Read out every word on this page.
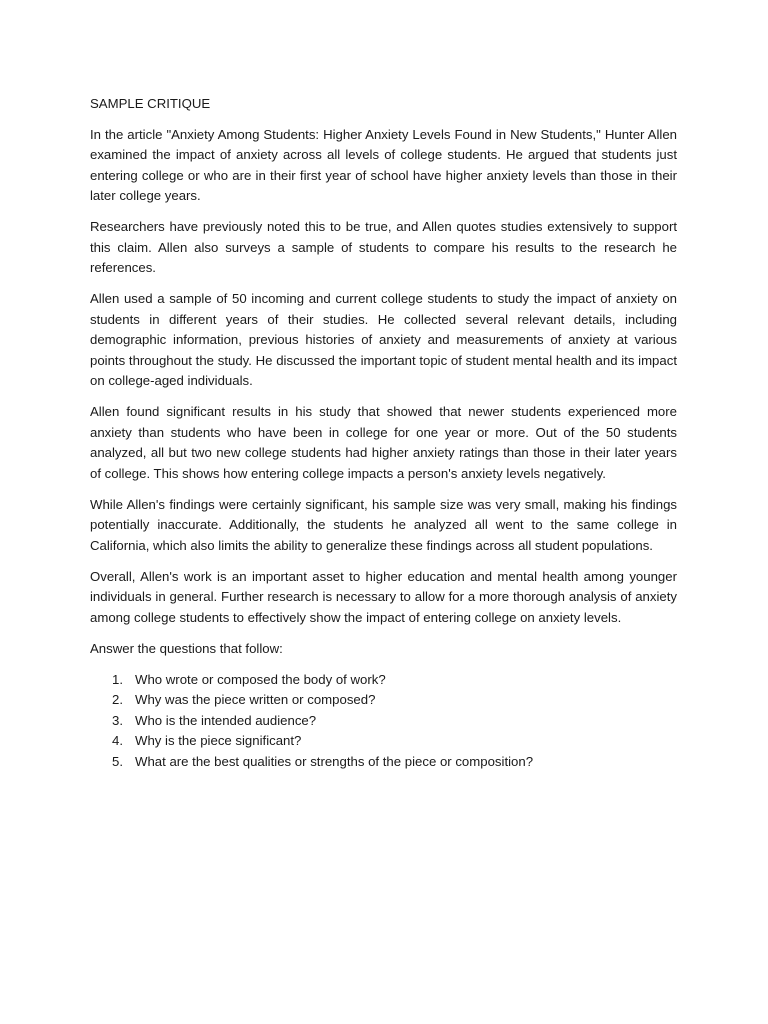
SAMPLE CRITIQUE

In the article "Anxiety Among Students: Higher Anxiety Levels Found in New Students," Hunter Allen examined the impact of anxiety across all levels of college students. He argued that students just entering college or who are in their first year of school have higher anxiety levels than those in their later college years.

Researchers have previously noted this to be true, and Allen quotes studies extensively to support this claim. Allen also surveys a sample of students to compare his results to the research he references.

Allen used a sample of 50 incoming and current college students to study the impact of anxiety on students in different years of their studies. He collected several relevant details, including demographic information, previous histories of anxiety and measurements of anxiety at various points throughout the study. He discussed the important topic of student mental health and its impact on college-aged individuals.

Allen found significant results in his study that showed that newer students experienced more anxiety than students who have been in college for one year or more. Out of the 50 students analyzed, all but two new college students had higher anxiety ratings than those in their later years of college. This shows how entering college impacts a person's anxiety levels negatively.

While Allen's findings were certainly significant, his sample size was very small, making his findings potentially inaccurate. Additionally, the students he analyzed all went to the same college in California, which also limits the ability to generalize these findings across all student populations.

Overall, Allen's work is an important asset to higher education and mental health among younger individuals in general. Further research is necessary to allow for a more thorough analysis of anxiety among college students to effectively show the impact of entering college on anxiety levels.

Answer the questions that follow:

1. Who wrote or composed the body of work?
2. Why was the piece written or composed?
3. Who is the intended audience?
4. Why is the piece significant?
5. What are the best qualities or strengths of the piece or composition?
